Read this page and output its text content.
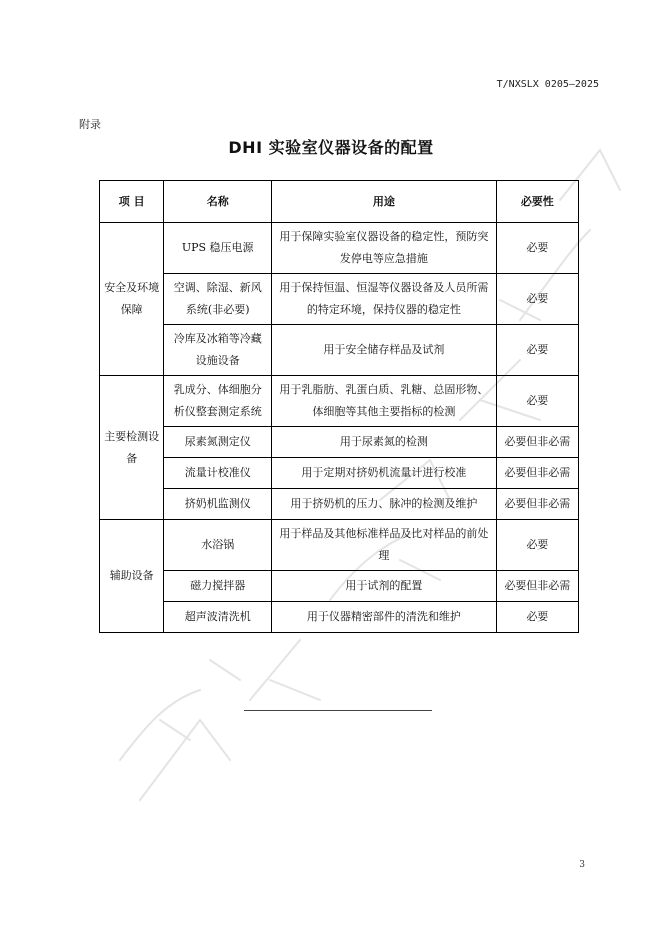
T/NXSLX 0205—2025
附录
DHI 实验室仪器设备的配置
项 目	名称	用途	必要性
安全及环境保障	UPS 稳压电源	用于保障实验室仪器设备的稳定性，预防突发停电等应急措施	必要
	空调、除湿、新风系统(非必要)	用于保持恒温、恒湿等仪器设备及人员所需的特定环境，保持仪器的稳定性	必要
	冷库及冰箱等冷藏设施设备	用于安全储存样品及试剂	必要
主要检测设备	乳成分、体细胞分析仪整套测定系统	用于乳脂肪、乳蛋白质、乳糖、总固形物、体细胞等其他主要指标的检测	必要
	尿素氮测定仪	用于尿素氮的检测	必要但非必需
	流量计校准仪	用于定期对挤奶机流量计进行校准	必要但非必需
	挤奶机监测仪	用于挤奶机的压力、脉冲的检测及维护	必要但非必需
辅助设备	水浴锅	用于样品及其他标准样品及比对样品的前处理	必要
	磁力搅拌器	用于试剂的配置	必要但非必需
	超声波清洗机	用于仪器精密部件的清洗和维护	必要
3
